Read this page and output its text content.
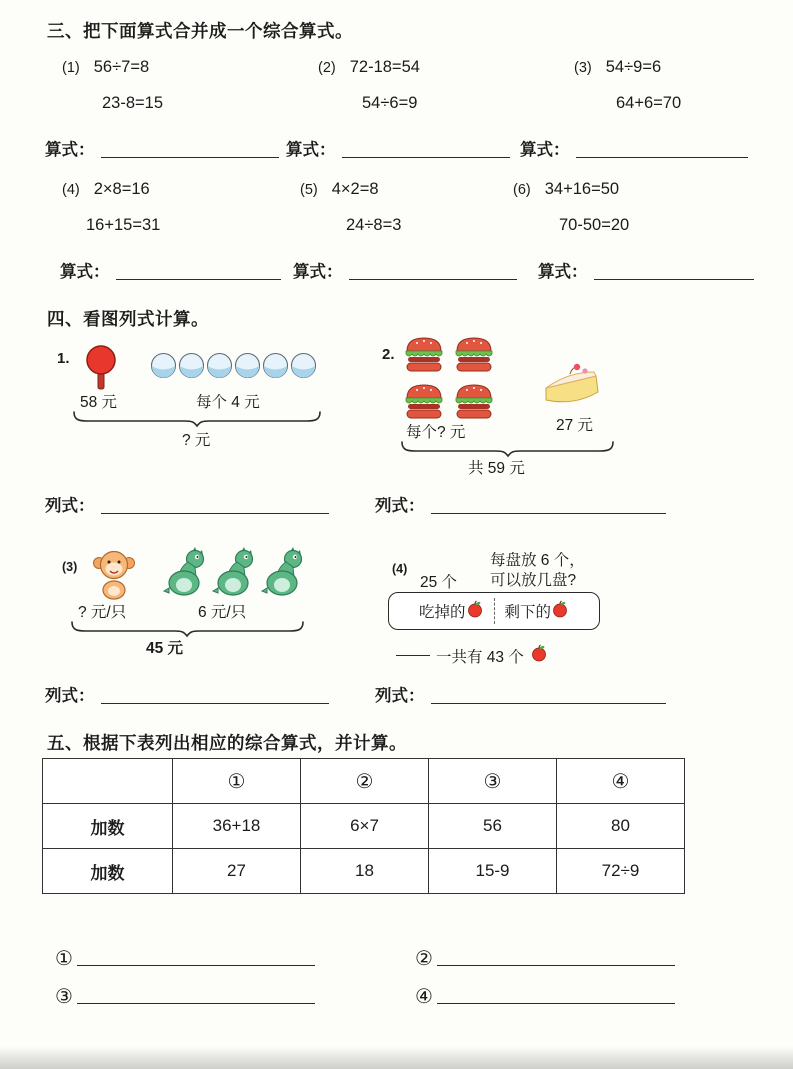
三、把下面算式合并成一个综合算式。
(1) 56÷7=8
23-8=15
(2) 72-18=54
54÷6=9
(3) 54÷9=6
64+6=70
算式：	算式：	算式：
(4) 2×8=16
16+15=31
(5) 4×2=8
24÷8=3
(6) 34+16=50
70-50=20
算式：	算式：	算式：
四、看图列式计算。
1.
58 元	每个 4 元
? 元
2.
每个? 元	27 元
共 59 元
列式：	列式：
(3)
? 元/只	6 元/只
45 元
(4)
25 个
每盘放 6 个，
可以放几盘?
吃掉的	剩下的
一共有 43 个
列式：	列式：
五、根据下表列出相应的综合算式，并计算。
	①	②	③	④
加数	36+18	6×7	56	80
加数	27	18	15-9	72÷9
①	②
③	④
